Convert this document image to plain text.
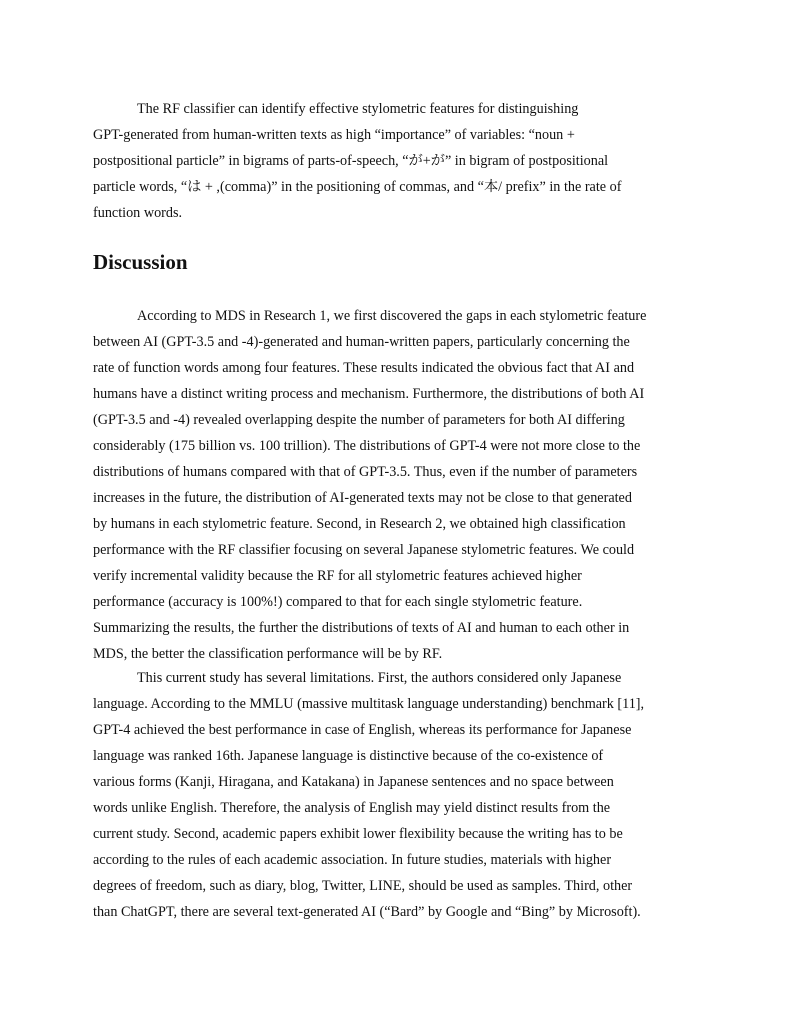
The RF classifier can identify effective stylometric features for distinguishing

GPT-generated from human-written texts as high “importance” of variables: “noun +

postpositional particle” in bigrams of parts-of-speech, “が+が” in bigram of postpositional

particle words, “は + ,(comma)” in the positioning of commas, and “本/ prefix” in the rate of

function words.

Discussion

According to MDS in Research 1, we first discovered the gaps in each stylometric feature

between AI (GPT-3.5 and -4)-generated and human-written papers, particularly concerning the

rate of function words among four features. These results indicated the obvious fact that AI and

humans have a distinct writing process and mechanism. Furthermore, the distributions of both AI

(GPT-3.5 and -4) revealed overlapping despite the number of parameters for both AI differing

considerably (175 billion vs. 100 trillion). The distributions of GPT-4 were not more close to the

distributions of humans compared with that of GPT-3.5. Thus, even if the number of parameters

increases in the future, the distribution of AI-generated texts may not be close to that generated

by humans in each stylometric feature. Second, in Research 2, we obtained high classification

performance with the RF classifier focusing on several Japanese stylometric features. We could

verify incremental validity because the RF for all stylometric features achieved higher

performance (accuracy is 100%!) compared to that for each single stylometric feature.

Summarizing the results, the further the distributions of texts of AI and human to each other in

MDS, the better the classification performance will be by RF.

This current study has several limitations. First, the authors considered only Japanese

language. According to the MMLU (massive multitask language understanding) benchmark [11],

GPT-4 achieved the best performance in case of English, whereas its performance for Japanese

language was ranked 16th. Japanese language is distinctive because of the co-existence of

various forms (Kanji, Hiragana, and Katakana) in Japanese sentences and no space between

words unlike English. Therefore, the analysis of English may yield distinct results from the

current study. Second, academic papers exhibit lower flexibility because the writing has to be

according to the rules of each academic association. In future studies, materials with higher

degrees of freedom, such as diary, blog, Twitter, LINE, should be used as samples. Third, other

than ChatGPT, there are several text-generated AI (“Bard” by Google and “Bing” by Microsoft).
